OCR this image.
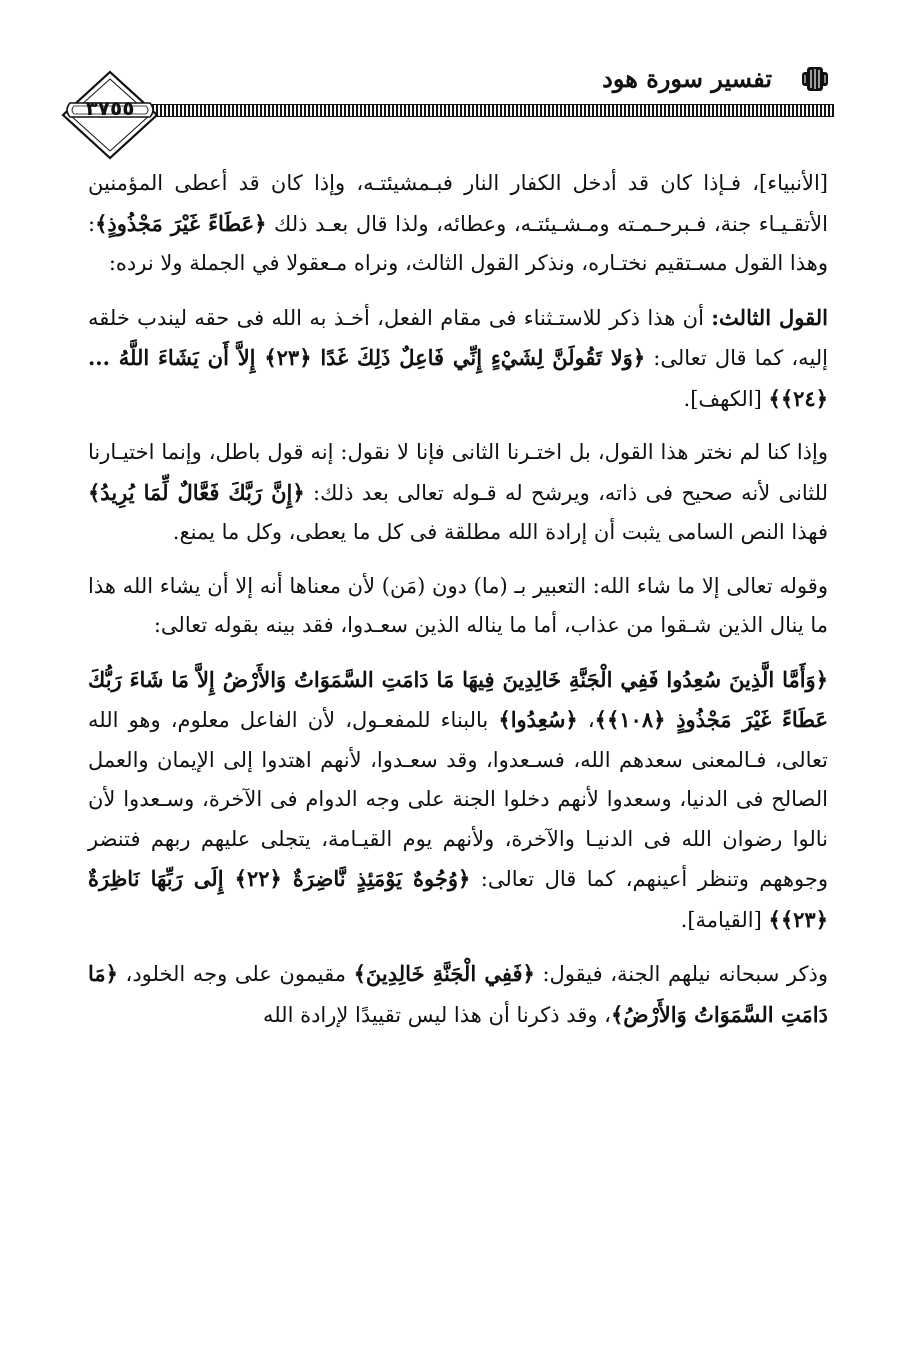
تفسير سورة هود
٣٧٥٥

[الأنبياء]، فـإذا كان قد أدخل الكفار النار فبـمشيئتـه، وإذا كان قد أعطى المؤمنين الأتقـيـاء جنة، فـبرحـمـته ومـشـيئتـه، وعطائه، ولذا قال بعـد ذلك ﴿عَطَاءً غَيْرَ مَجْذُوذٍ﴾: وهذا القول مسـتقيم نختـاره، ونذكر القول الثالث، ونراه مـعقولا في الجملة ولا نرده:

القول الثالث: أن هذا ذكر للاستـثناء فى مقام الفعل، أخـذ به الله فى حقه ليندب خلقه إليه، كما قال تعالى: ﴿وَلا تَقُولَنَّ لِشَيْءٍ إِنِّي فَاعِلٌ ذَلِكَ غَدًا ﴿٢٣﴾ إِلاَّ أَن يَشَاءَ اللَّهُ ... ﴿٢٤﴾﴾ [الكهف].

وإذا كنا لم نختر هذا القول، بل اختـرنا الثانى فإنا لا نقول: إنه قول باطل، وإنما اختيـارنا للثانى لأنه صحيح فى ذاته، ويرشح له قـوله تعالى بعد ذلك: ﴿إِنَّ رَبَّكَ فَعَّالٌ لِّمَا يُرِيدُ﴾ فهذا النص السامى يثبت أن إرادة الله مطلقة فى كل ما يعطى، وكل ما يمنع.

وقوله تعالى إلا ما شاء الله: التعبير بـ (ما) دون (مَن) لأن معناها أنه إلا أن يشاء الله هذا ما ينال الذين شـقوا من عذاب، أما ما يناله الذين سعـدوا، فقد بينه بقوله تعالى:

﴿وَأَمَّا الَّذِينَ سُعِدُوا فَفِي الْجَنَّةِ خَالِدِينَ فِيهَا مَا دَامَتِ السَّمَوَاتُ وَالأَرْضُ إِلاَّ مَا شَاءَ رَبُّكَ عَطَاءً غَيْرَ مَجْذُوذٍ ﴿١٠٨﴾﴾، ﴿سُعِدُوا﴾ بالبناء للمفعـول، لأن الفاعل معلوم، وهو الله تعالى، فـالمعنى سعدهم الله، فسـعدوا، وقد سعـدوا، لأنهم اهتدوا إلى الإيمان والعمل الصالح فى الدنيا، وسعدوا لأنهم دخلوا الجنة على وجه الدوام فى الآخرة، وسـعدوا لأن نالوا رضوان الله فى الدنيـا والآخرة، ولأنهم يوم القيـامة، يتجلى عليهم ربهم فتنضر وجوههم وتنظر أعينهم، كما قال تعالى: ﴿وُجُوهٌ يَوْمَئِذٍ نَّاضِرَةٌ ﴿٢٢﴾ إِلَى رَبِّهَا نَاظِرَةٌ ﴿٢٣﴾﴾ [القيامة].

وذكر سبحانه نيلهم الجنة، فيقول: ﴿فَفِي الْجَنَّةِ خَالِدِينَ﴾ مقيمون على وجه الخلود، ﴿مَا دَامَتِ السَّمَوَاتُ وَالأَرْضُ﴾، وقد ذكرنا أن هذا ليس تقييدًا لإرادة الله
